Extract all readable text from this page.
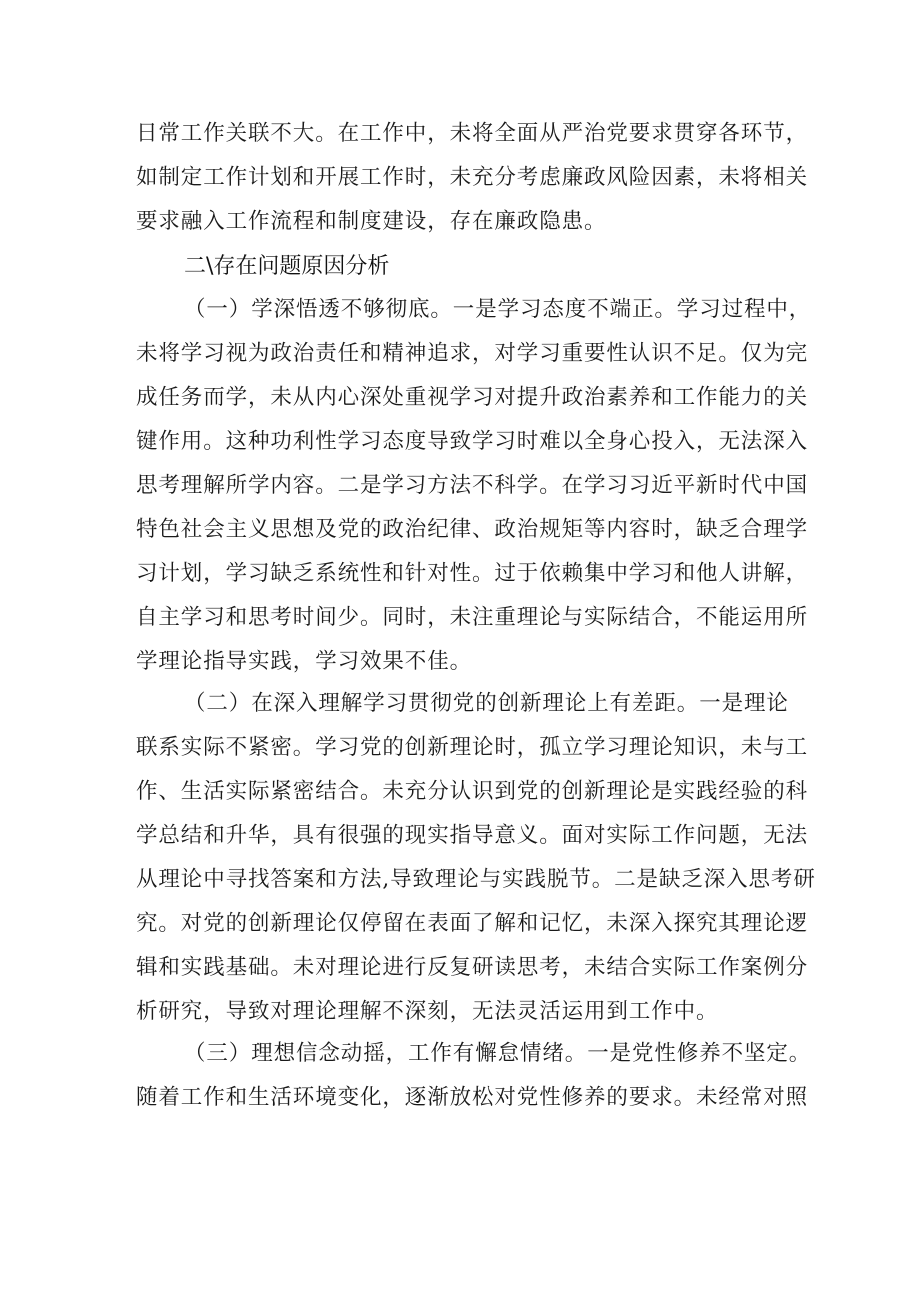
日常工作关联不大。在工作中，未将全面从严治党要求贯穿各环节，
如制定工作计划和开展工作时，未充分考虑廉政风险因素，未将相关
要求融入工作流程和制度建设，存在廉政隐患。
二\存在问题原因分析
（一）学深悟透不够彻底。一是学习态度不端正。学习过程中，
未将学习视为政治责任和精神追求，对学习重要性认识不足。仅为完
成任务而学，未从内心深处重视学习对提升政治素养和工作能力的关
键作用。这种功利性学习态度导致学习时难以全身心投入，无法深入
思考理解所学内容。二是学习方法不科学。在学习习近平新时代中国
特色社会主义思想及党的政治纪律、政治规矩等内容时，缺乏合理学
习计划，学习缺乏系统性和针对性。过于依赖集中学习和他人讲解，
自主学习和思考时间少。同时，未注重理论与实际结合，不能运用所
学理论指导实践，学习效果不佳。
（二）在深入理解学习贯彻党的创新理论上有差距。一是理论
联系实际不紧密。学习党的创新理论时，孤立学习理论知识，未与工
作、生活实际紧密结合。未充分认识到党的创新理论是实践经验的科
学总结和升华，具有很强的现实指导意义。面对实际工作问题，无法
从理论中寻找答案和方法,导致理论与实践脱节。二是缺乏深入思考研
究。对党的创新理论仅停留在表面了解和记忆，未深入探究其理论逻
辑和实践基础。未对理论进行反复研读思考，未结合实际工作案例分
析研究，导致对理论理解不深刻，无法灵活运用到工作中。
（三）理想信念动摇，工作有懈怠情绪。一是党性修养不坚定。
随着工作和生活环境变化，逐渐放松对党性修养的要求。未经常对照
